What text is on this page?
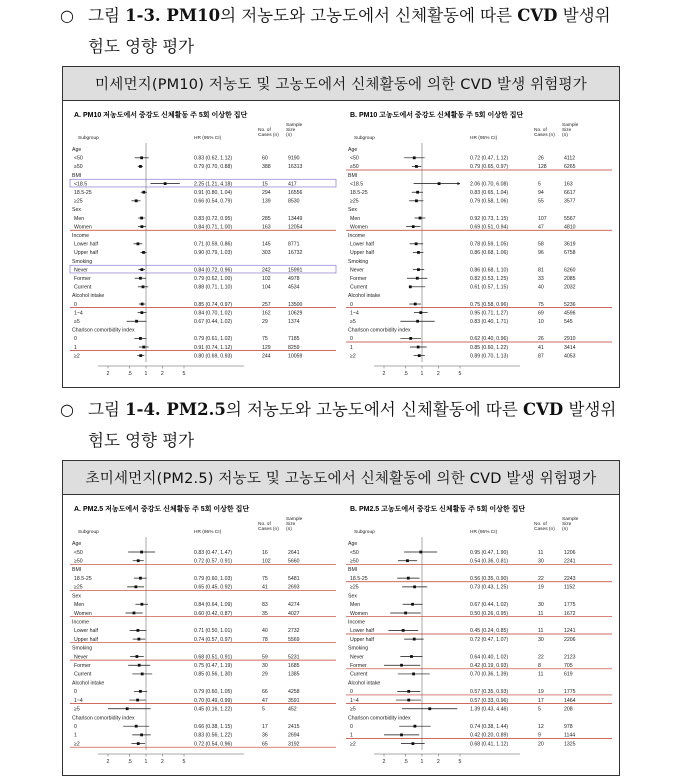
○ 그림 1-3. PM10의 저농도와 고농도에서 신체활동에 따른 CVD 발생위
험도 영향 평가
미세먼지(PM10) 저농도 및 고농도에서 신체활동에 의한 CVD 발생 위험평가
A. PM10 저농도에서 중강도 신체활동 주 5회 이상한 집단
Subgroup	HR (95% CI)
No. of
Cases (n)
Sample
Size
(n)
Age
<50	0.83 (0.62, 1.12)	60	9190
≥50	0.79 (0.70, 0.88)	388	16313
BMI
<18.5	2.25 (1.21, 4.18)	15	417
18.5-25	0.91 (0.80, 1.04)	294	16556
≥25	0.66 (0.54, 0.79)	139	8530
Sex
Men	0.83 (0.72, 0.95)	285	13449
Women	0.84 (0.71, 1.00)	163	12054
Income
Lower half	0.71 (0.59, 0.86)	145	8771
Upper half	0.90 (0.79, 1.03)	303	16732
Smoking
Never	0.84 (0.72, 0.96)	242	15991
Former	0.79 (0.62, 1.00)	102	4978
Current	0.88 (0.71, 1.10)	104	4534
Alcohol intake
0	0.85 (0.74, 0.97)	257	13500
1~4	0.84 (0.70, 1.02)	162	10629
≥5	0.67 (0.44, 1.02)	29	1374
Charlson comorbidity index
0	0.79 (0.61, 1.02)	75	7185
1	0.91 (0.74, 1.12)	129	8259
≥2	0.80 (0.69, 0.93)	244	10059
2	.5 1	2	5
B. PM10 고농도에서 중강도 신체활동 주 5회 이상한 집단
Subgroup	HR (95% CI)
No. of
Cases (n)
Sample
Size
(n)
Age
<50	0.72 (0.47, 1.12)	26	4112
≥50	0.79 (0.65, 0.97)	128	6265
BMI
<18.5	2.06 (0.70, 6.08)	5	163
18.5-25	0.83 (0.65, 1.04)	94	6617
≥25	0.79 (0.58, 1.06)	55	3577
Sex
Men	0.92 (0.73, 1.15)	107	5567
Women	0.69 (0.51, 0.94)	47	4810
Income
Lower half	0.78 (0.59, 1.05)	58	3619
Upper half	0.86 (0.68, 1.06)	96	6758
Smoking
Never	0.86 (0.68, 1.10)	81	6260
Former	0.82 (0.53, 1.25)	33	2085
Current	0.61 (0.57, 1.15)	40	2032
Alcohol intake
0	0.75 (0.58, 0.96)	75	5236
1~4	0.95 (0.71, 1.27)	69	4596
≥5	0.83 (0.40, 1.71)	10	545
Charlson comorbidity index
0	0.62 (0.40, 0.96)	26	2910
1	0.85 (0.60, 1.22)	41	3414
≥2	0.89 (0.70, 1.13)	87	4053
2	.5 1	2	5
○ 그림 1-4. PM2.5의 저농도와 고농도에서 신체활동에 따른 CVD 발생위
험도 영향 평가
초미세먼지(PM2.5) 저농도 및 고농도에서 신체활동에 의한 CVD 발생 위험평가
A. PM2.5 저농도에서 중강도 신체활동 주 5회 이상한 집단
Subgroup	HR (95% CI)
No. of
Cases (n)
Sample
Size
(n)
Age
<50	0.83 (0.47, 1.47)	16	2641
≥50	0.72 (0.57, 0.91)	102	5660
BMI
18.5-25	0.79 (0.60, 1.03)	75	5481
≥25	0.65 (0.45, 0.92)	41	2693
Sex
Men	0.84 (0.64, 1.09)	83	4274
Women	0.60 (0.42, 0.87)	35	4027
Income
Lower half	0.71 (0.50, 1.01)	40	2732
Upper half	0.74 (0.57, 0.97)	78	5569
Smoking
Never	0.68 (0.51, 0.91)	59	5231
Former	0.75 (0.47, 1.19)	30	1685
Current	0.85 (0.56, 1.30)	29	1385
Alcohol intake
0	0.79 (0.60, 1.05)	66	4258
1~4	0.70 (0.49, 0.99)	47	3591
≥5	0.45 (0.16, 1.22)	5	452
Charlson comorbidity index
0	0.66 (0.38, 1.15)	17	2415
1	0.83 (0.56, 1.22)	36	2694
≥2	0.72 (0.54, 0.96)	65	3192
2	.5 1	2	5
B. PM2.5 고농도에서 중강도 신체활동 주 5회 이상한 집단
Subgroup	HR (95% CI)
No. of
Cases (n)
Sample
Size
(n)
Age
<50	0.95 (0.47, 1.90)	11	1206
≥50	0.54 (0.36, 0.81)	30	2241
BMI
18.5-25	0.56 (0.35, 0.90)	22	2243
≥25	0.73 (0.43, 1.25)	19	1152
Sex
Men	0.67 (0.44, 1.02)	30	1775
Women	0.50 (0.26, 0.95)	11	1672
Income
Lower half	0.45 (0.24, 0.85)	11	1241
Upper half	0.72 (0.47, 1.07)	30	2206
Smoking
Never	0.64 (0.40, 1.02)	22	2123
Former	0.42 (0.19, 0.93)	8	705
Current	0.70 (0.36, 1.39)	11	619
Alcohol intake
0	0.57 (0.35, 0.93)	19	1775
1~4	0.57 (0.33, 0.96)	17	1464
≥5	1.39 (0.43, 4.46)	5	208
Charlson comorbidity index
0	0.74 (0.38, 1.44)	12	978
1	0.42 (0.20, 0.89)	9	1144
≥2	0.68 (0.41, 1.12)	20	1325
2	.5 1	2	5
